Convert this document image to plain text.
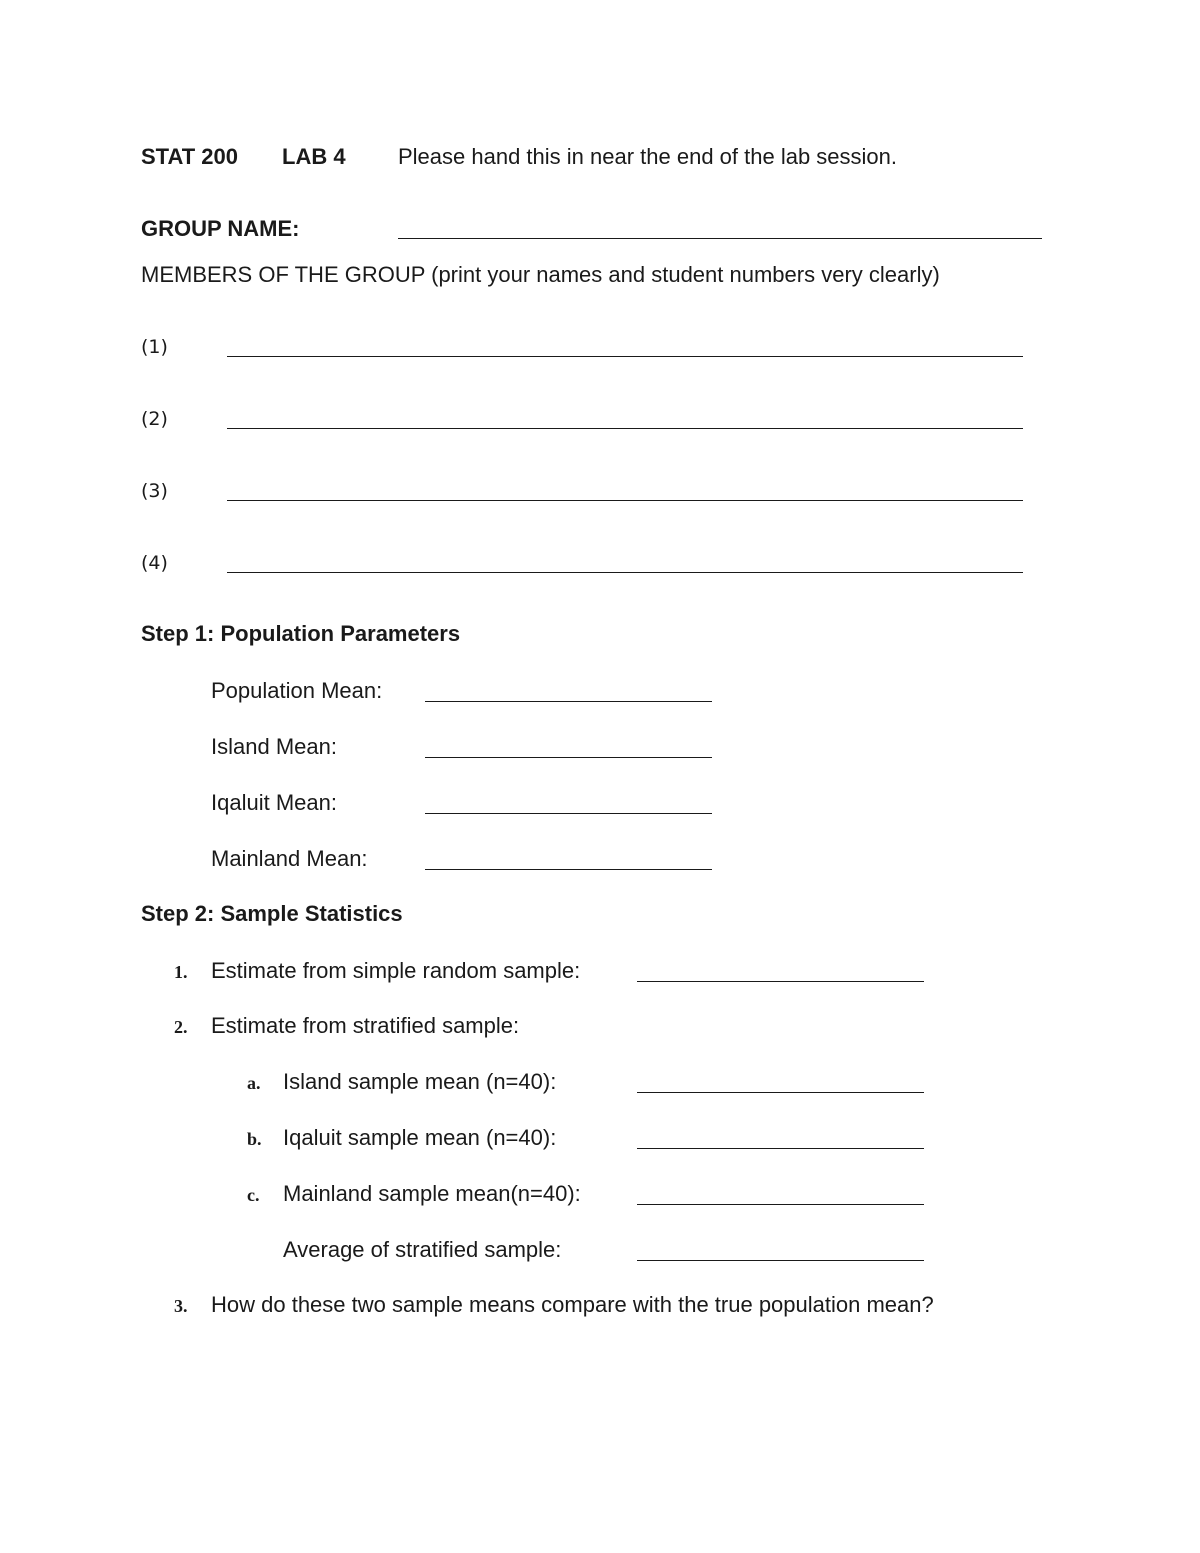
STAT 200 LAB 4 Please hand this in near the end of the lab session.
GROUP NAME:
MEMBERS OF THE GROUP (print your names and student numbers very clearly)
(1)
(2)
(3)
(4)
Step 1: Population Parameters
Population Mean:
Island Mean:
Iqaluit Mean:
Mainland Mean:
Step 2: Sample Statistics
1. Estimate from simple random sample:
2. Estimate from stratified sample:
a. Island sample mean (n=40):
b. Iqaluit sample mean (n=40):
c. Mainland sample mean(n=40):
Average of stratified sample:
3. How do these two sample means compare with the true population mean?
